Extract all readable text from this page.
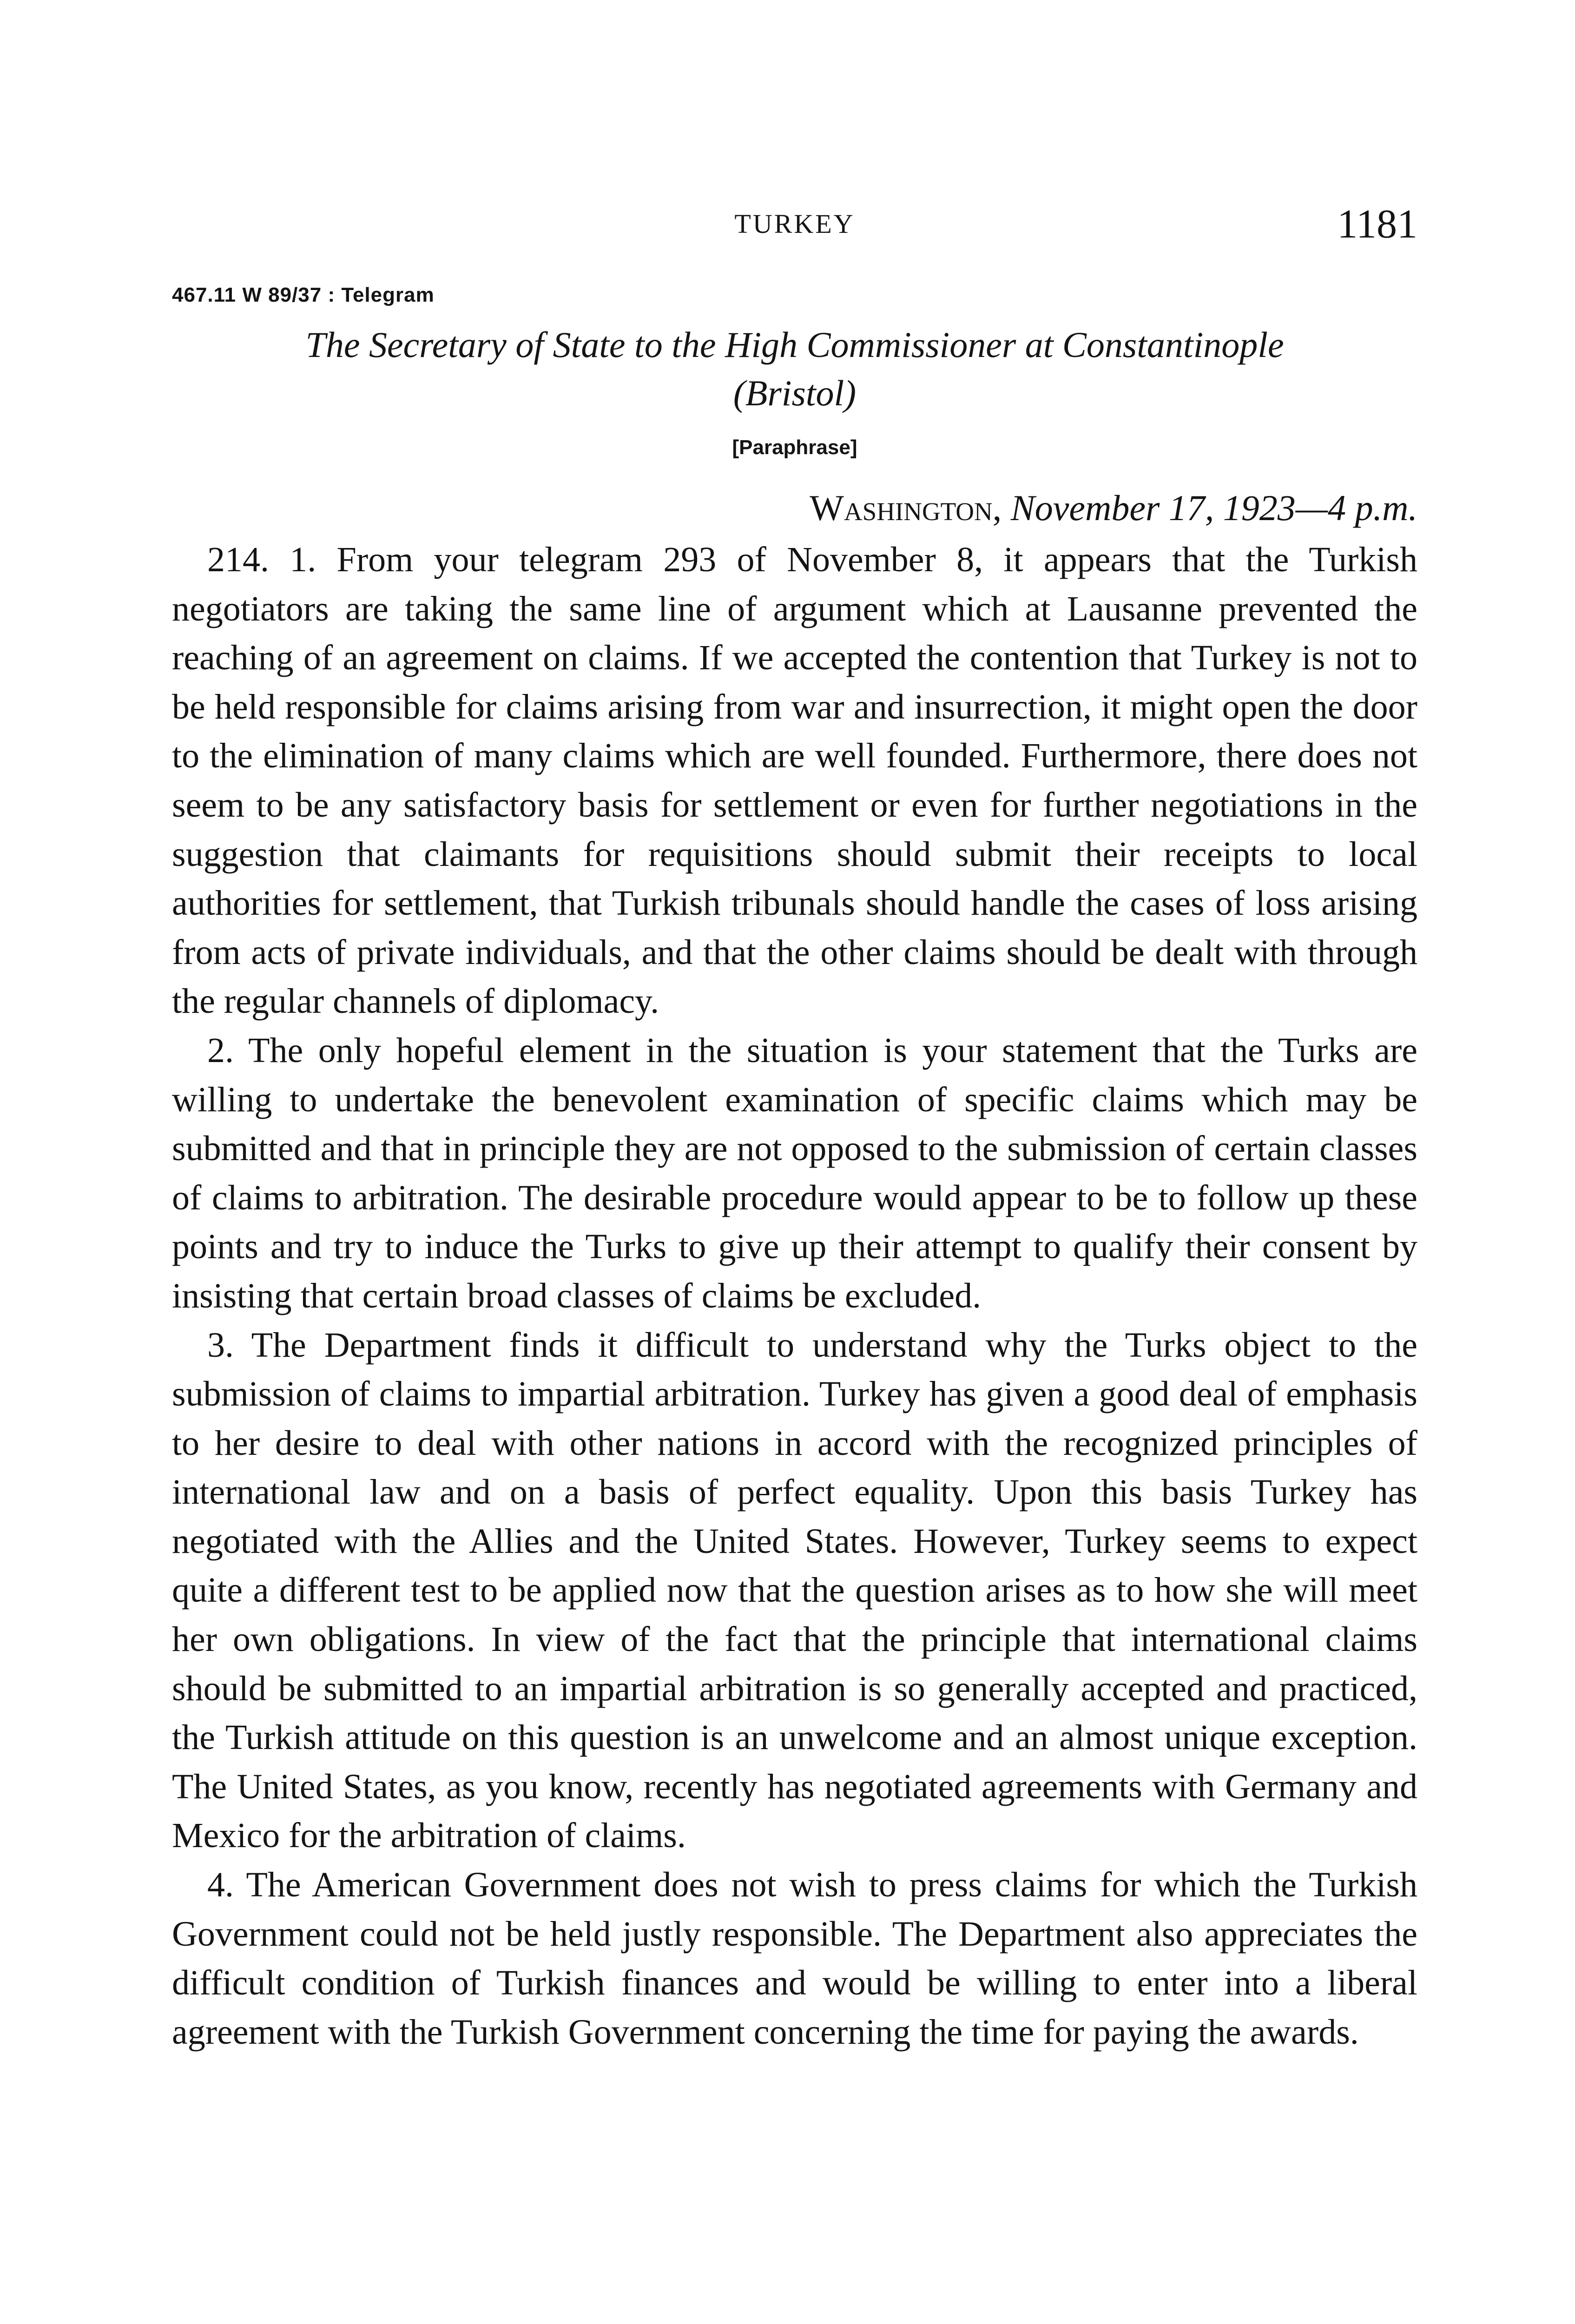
TURKEY	1181
467.11 W 89/37 : Telegram
The Secretary of State to the High Commissioner at Constantinople
(Bristol)
[Paraphrase]
Washington, November 17, 1923—4 p.m.

214. 1. From your telegram 293 of November 8, it appears that the Turkish negotiators are taking the same line of argument which at Lausanne prevented the reaching of an agreement on claims. If we accepted the contention that Turkey is not to be held responsible for claims arising from war and insurrection, it might open the door to the elimination of many claims which are well founded. Furthermore, there does not seem to be any satisfactory basis for settlement or even for further negotiations in the suggestion that claimants for requisitions should submit their receipts to local authorities for settlement, that Turkish tribunals should handle the cases of loss arising from acts of private individuals, and that the other claims should be dealt with through the regular channels of diplomacy.

2. The only hopeful element in the situation is your statement that the Turks are willing to undertake the benevolent examination of specific claims which may be submitted and that in principle they are not opposed to the submission of certain classes of claims to arbitration. The desirable procedure would appear to be to follow up these points and try to induce the Turks to give up their attempt to qualify their consent by insisting that certain broad classes of claims be excluded.

3. The Department finds it difficult to understand why the Turks object to the submission of claims to impartial arbitration. Turkey has given a good deal of emphasis to her desire to deal with other nations in accord with the recognized principles of international law and on a basis of perfect equality. Upon this basis Turkey has negotiated with the Allies and the United States. However, Turkey seems to expect quite a different test to be applied now that the question arises as to how she will meet her own obligations. In view of the fact that the principle that international claims should be submitted to an impartial arbitration is so generally accepted and practiced, the Turkish attitude on this question is an unwelcome and an almost unique exception. The United States, as you know, recently has negotiated agreements with Germany and Mexico for the arbitration of claims.

4. The American Government does not wish to press claims for which the Turkish Government could not be held justly responsible. The Department also appreciates the difficult condition of Turkish finances and would be willing to enter into a liberal agreement with the Turkish Government concerning the time for paying the awards.
